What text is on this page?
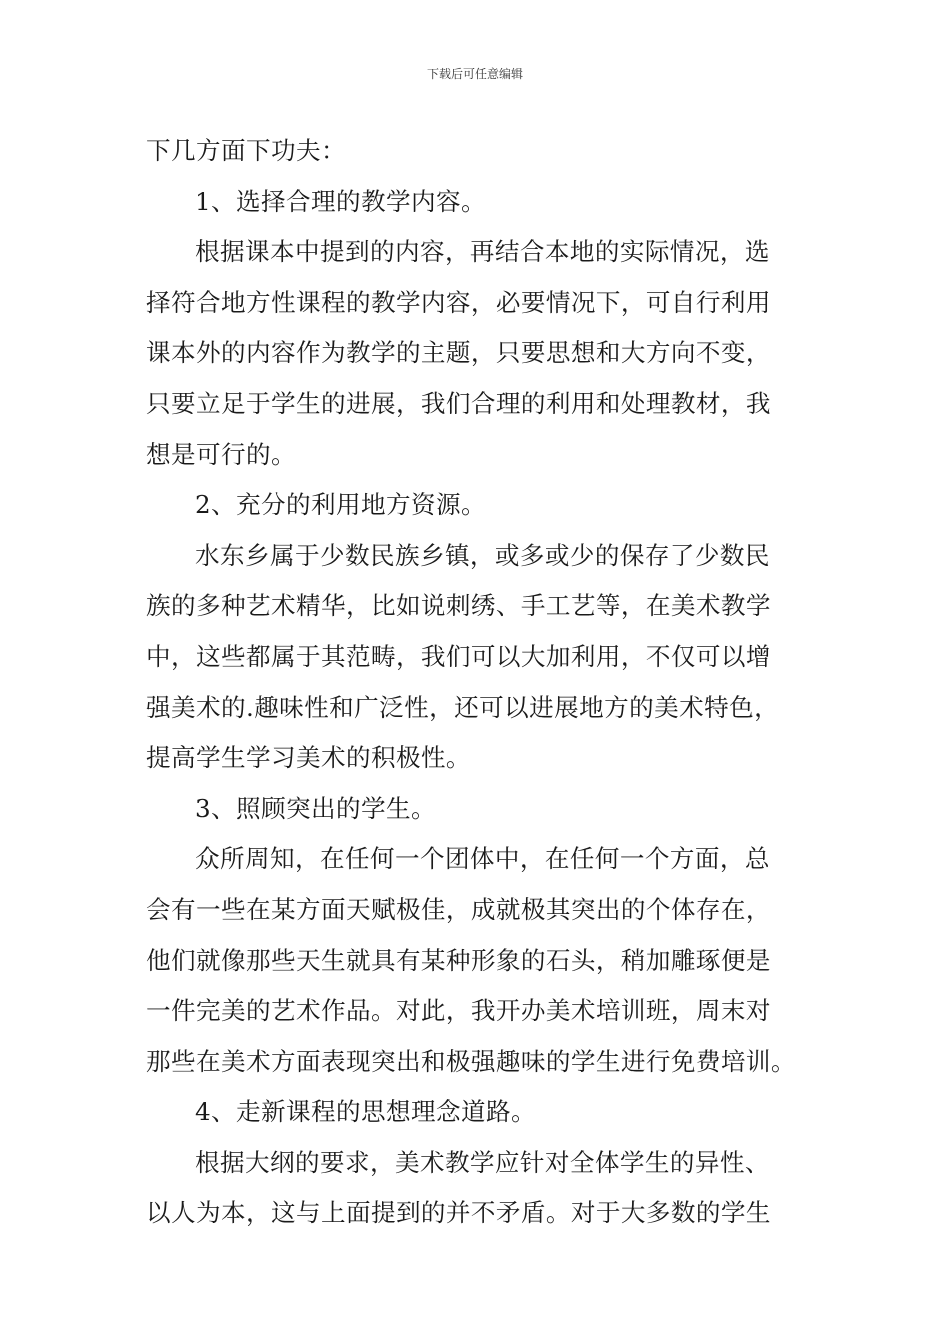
下载后可任意编辑
下几方面下功夫：
1、选择合理的教学内容。
根据课本中提到的内容，再结合本地的实际情况，选
择符合地方性课程的教学内容，必要情况下，可自行利用
课本外的内容作为教学的主题，只要思想和大方向不变，
只要立足于学生的进展，我们合理的利用和处理教材，我
想是可行的。
2、充分的利用地方资源。
水东乡属于少数民族乡镇，或多或少的保存了少数民
族的多种艺术精华，比如说刺绣、手工艺等，在美术教学
中，这些都属于其范畴，我们可以大加利用，不仅可以增
强美术的.趣味性和广泛性，还可以进展地方的美术特色，
提高学生学习美术的积极性。
3、照顾突出的学生。
众所周知，在任何一个团体中，在任何一个方面，总
会有一些在某方面天赋极佳，成就极其突出的个体存在，
他们就像那些天生就具有某种形象的石头，稍加雕琢便是
一件完美的艺术作品。对此，我开办美术培训班，周末对
那些在美术方面表现突出和极强趣味的学生进行免费培训。
4、走新课程的思想理念道路。
根据大纲的要求，美术教学应针对全体学生的异性、
以人为本，这与上面提到的并不矛盾。对于大多数的学生
